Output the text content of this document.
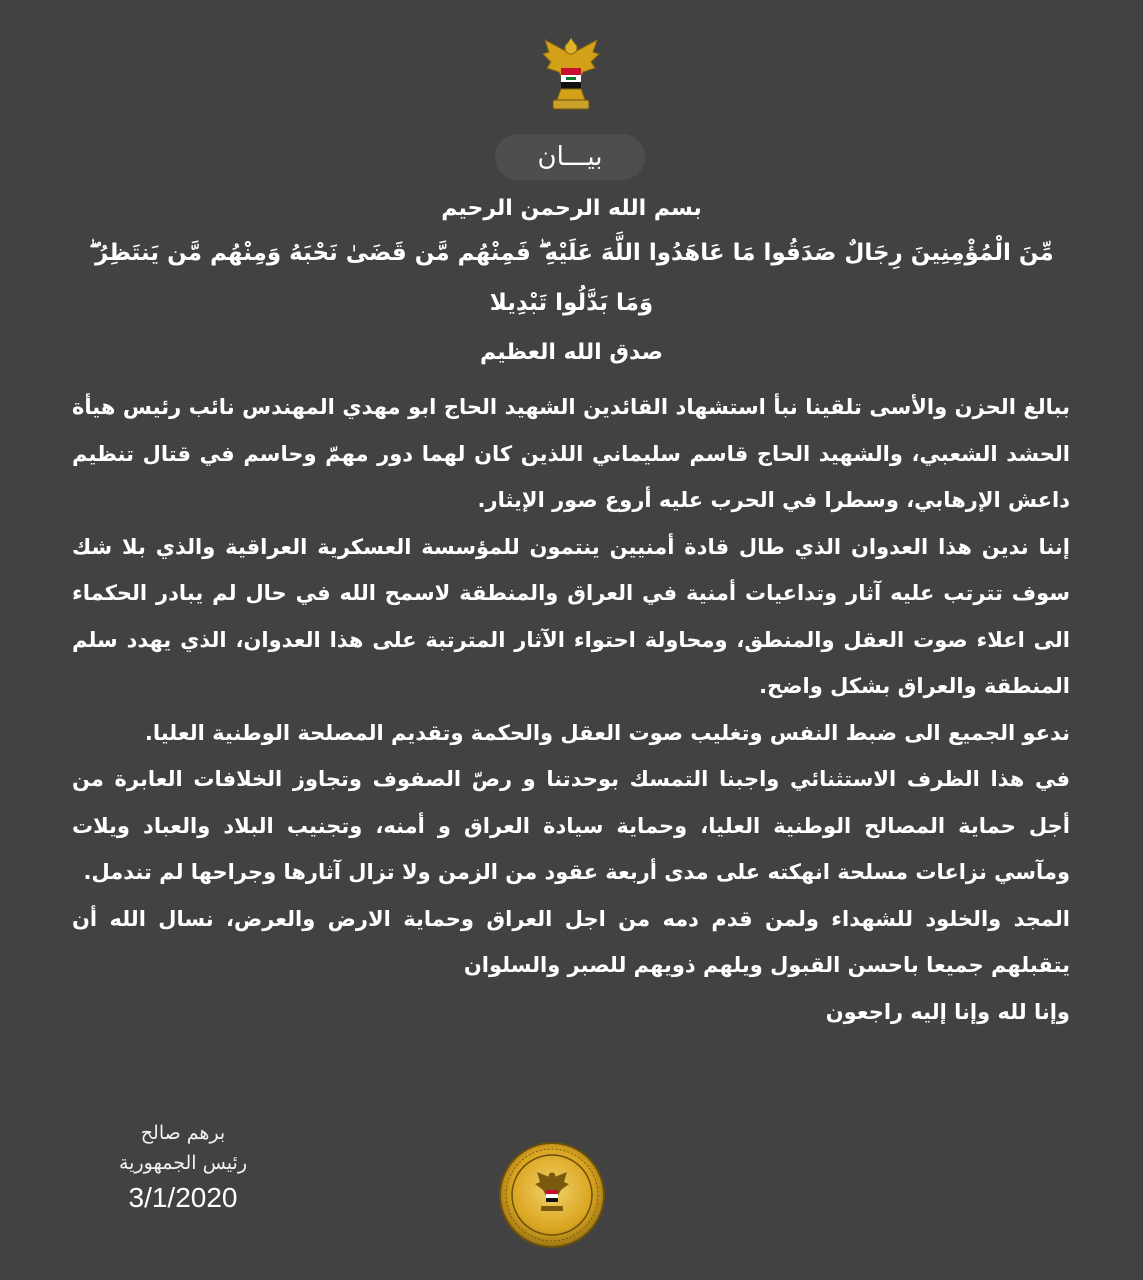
بيـــان
بسم الله الرحمن الرحيم
مِّنَ الْمُؤْمِنِينَ رِجَالٌ صَدَقُوا مَا عَاهَدُوا اللَّهَ عَلَيْهِ ۖ فَمِنْهُم مَّن قَضَىٰ نَحْبَهُ وَمِنْهُم مَّن يَنتَظِرُ ۖ
وَمَا بَدَّلُوا تَبْدِيلا
صدق الله العظيم

ببالغ الحزن والأسى تلقينا نبأ استشهاد القائدين الشهيد الحاج ابو مهدي المهندس نائب رئيس هيأة الحشد الشعبي، والشهيد الحاج قاسم سليماني اللذين كان لهما دور مهمّ وحاسم في قتال تنظيم داعش الإرهابي، وسطرا في الحرب عليه أروع صور الإيثار.

إننا ندين هذا العدوان الذي طال قادة أمنيين ينتمون للمؤسسة العسكرية العراقية والذي بلا شك سوف تترتب عليه آثار وتداعيات أمنية في العراق والمنطقة لاسمح الله في حال لم يبادر الحكماء الى اعلاء صوت العقل والمنطق، ومحاولة احتواء الآثار المترتبة على هذا العدوان، الذي يهدد سلم المنطقة والعراق بشكل واضح.

ندعو الجميع الى ضبط النفس وتغليب صوت العقل والحكمة وتقديم المصلحة الوطنية العليا.

في هذا الظرف الاستثنائي واجبنا التمسك بوحدتنا و رصّ الصفوف وتجاوز الخلافات العابرة من أجل حماية المصالح الوطنية العليا، وحماية سيادة العراق و أمنه، وتجنيب البلاد والعباد ويلات ومآسي نزاعات مسلحة انهكته على مدى أربعة عقود من الزمن ولا تزال آثارها وجراحها لم تندمل.

المجد والخلود للشهداء ولمن قدم دمه من اجل العراق وحماية الارض والعرض، نسال الله أن يتقبلهم جميعا باحسن القبول ويلهم ذويهم للصبر والسلوان

وإنا لله وإنا إليه راجعون

برهم صالح
رئيس الجمهورية
3/1/2020
